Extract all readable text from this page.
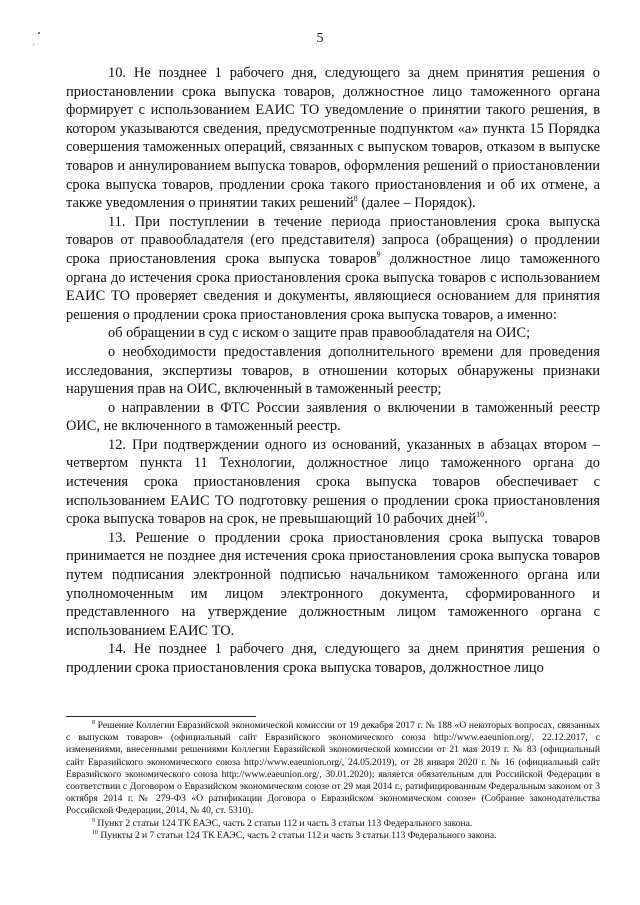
5

10. Не позднее 1 рабочего дня, следующего за днем принятия решения о приостановлении срока выпуска товаров, должностное лицо таможенного органа формирует с использованием ЕАИС ТО уведомление о принятии такого решения, в котором указываются сведения, предусмотренные подпунктом «а» пункта 15 Порядка совершения таможенных операций, связанных с выпуском товаров, отказом в выпуске товаров и аннулированием выпуска товаров, оформления решений о приостановлении срока выпуска товаров, продлении срока такого приостановления и об их отмене, а также уведомления о принятии таких решений$^8$ (далее – Порядок).

11. При поступлении в течение периода приостановления срока выпуска товаров от правообладателя (его представителя) запроса (обращения) о продлении срока приостановления срока выпуска товаров$^9$ должностное лицо таможенного органа до истечения срока приостановления срока выпуска товаров с использованием ЕАИС ТО проверяет сведения и документы, являющиеся основанием для принятия решения о продлении срока приостановления срока выпуска товаров, а именно:

об обращении в суд с иском о защите прав правообладателя на ОИС;

о необходимости предоставления дополнительного времени для проведения исследования, экспертизы товаров, в отношении которых обнаружены признаки нарушения прав на ОИС, включенный в таможенный реестр;

о направлении в ФТС России заявления о включении в таможенный реестр ОИС, не включенного в таможенный реестр.

12. При подтверждении одного из оснований, указанных в абзацах втором – четвертом пункта 11 Технологии, должностное лицо таможенного органа до истечения срока приостановления срока выпуска товаров обеспечивает с использованием ЕАИС ТО подготовку решения о продлении срока приостановления срока выпуска товаров на срок, не превышающий 10 рабочих дней$^{10}$.

13. Решение о продлении срока приостановления срока выпуска товаров принимается не позднее дня истечения срока приостановления срока выпуска товаров путем подписания электронной подписью начальником таможенного органа или уполномоченным им лицом электронного документа, сформированного и представленного на утверждение должностным лицом таможенного органа с использованием ЕАИС ТО.

14. Не позднее 1 рабочего дня, следующего за днем принятия решения о продлении срока приостановления срока выпуска товаров, должностное лицо

$^8$ Решение Коллегии Евразийской экономической комиссии от 19 декабря 2017 г. № 188 «О некоторых вопросах, связанных с выпуском товаров» (официальный сайт Евразийского экономического союза http://www.eaeunion.org/, 22.12.2017, с изменениями, внесенными решениями Коллегии Евразийской экономической комиссии от 21 мая 2019 г. № 83 (официальный сайт Евразийского экономического союза http://www.eaeunion.org/, 24.05.2019), от 28 января 2020 г. № 16 (официальный сайт Евразийского экономического союза http://www.eaeunion.org/, 30.01.2020); является обязательным для Российской Федерации в соответствии с Договором о Евразийском экономическом союзе от 29 мая 2014 г., ратифицированным Федеральным законом от 3 октября 2014 г. № 279-ФЗ «О ратификации Договора о Евразийском экономическом союзе» (Собрание законодательства Российской Федерации, 2014, № 40, ст. 5310).

$^9$ Пункт 2 статьи 124 ТК ЕАЭС, часть 2 статьи 112 и часть 3 статьи 113 Федерального закона.

$^{10}$ Пункты 2 и 7 статьи 124 ТК ЕАЭС, часть 2 статьи 112 и часть 3 статьи 113 Федерального закона.
